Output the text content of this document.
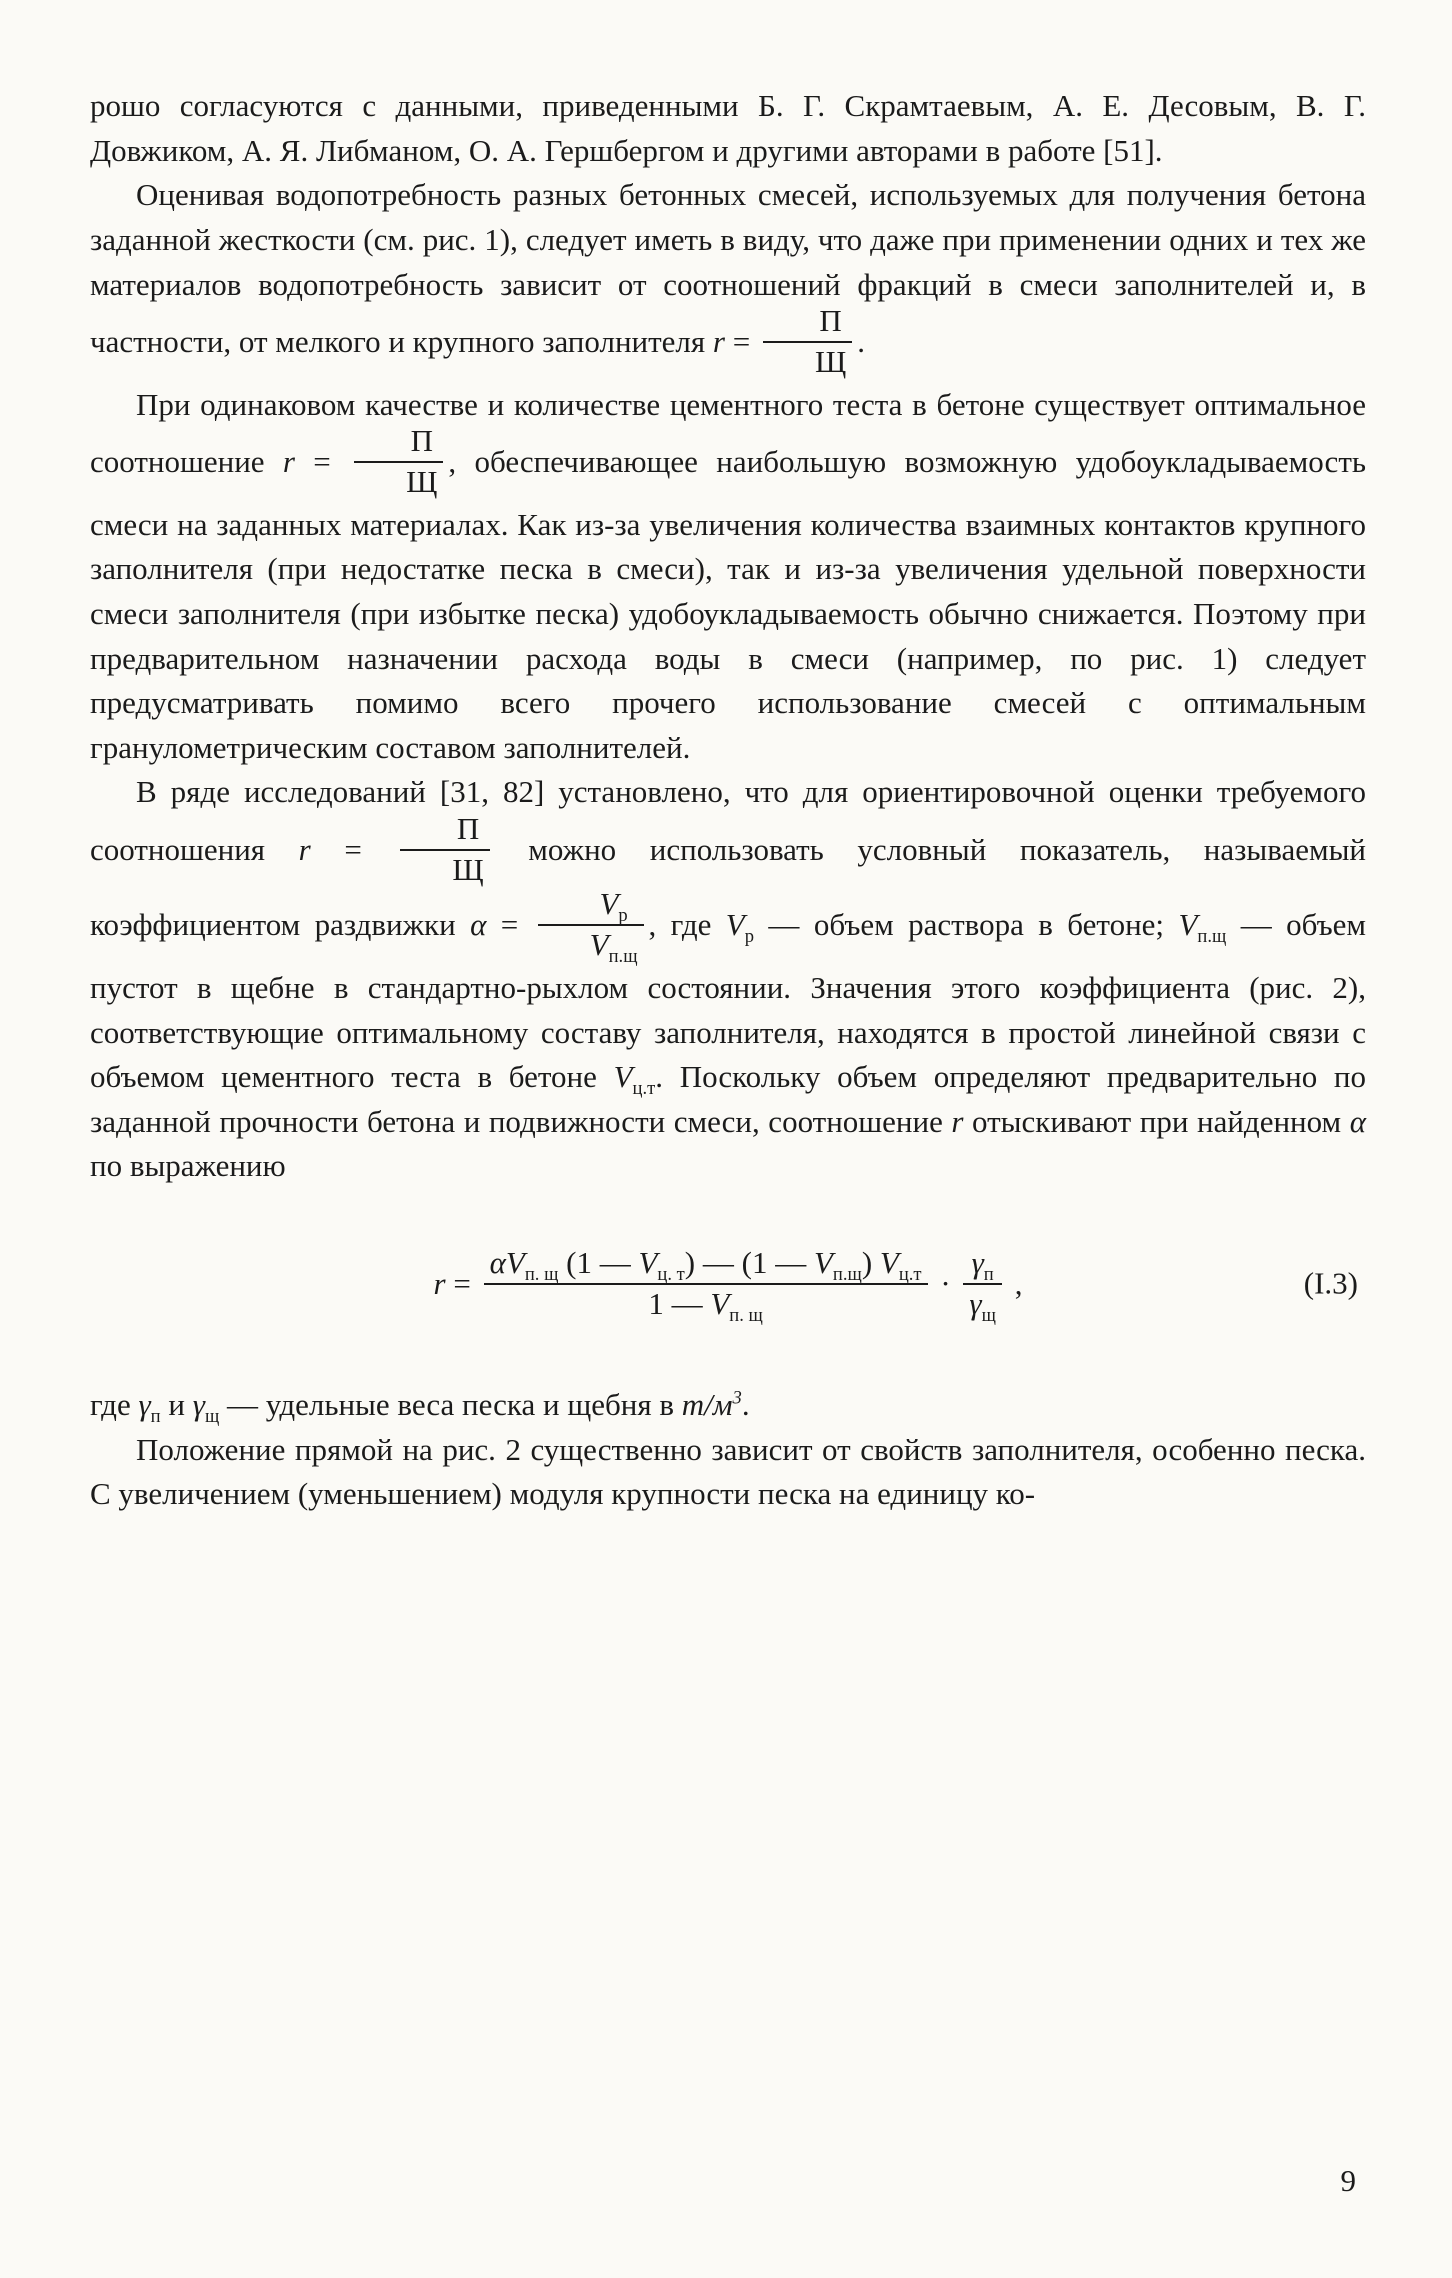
рошо согласуются с данными, приведенными Б. Г. Скрамтаевым, А. Е. Десовым, В. Г. Довжиком, А. Я. Либманом, О. А. Гершбергом и другими авторами в работе [51].

Оценивая водопотребность разных бетонных смесей, используемых для получения бетона заданной жесткости (см. рис. 1), следует иметь в виду, что даже при применении одних и тех же материалов водопотребность зависит от соотношений фракций в смеси заполнителей и, в частности, от мелкого и крупного заполнителя $r = \frac{П}{Щ}$ .

При одинаковом качестве и количестве цементного теста в бетоне существует оптимальное соотношение $r = \frac{П}{Щ}$ , обеспечивающее наибольшую возможную удобоукладываемость смеси на заданных материалах. Как из-за увеличения количества взаимных контактов крупного заполнителя (при недостатке песка в смеси), так и из-за увеличения удельной поверхности смеси заполнителя (при избытке песка) удобоукладываемость обычно снижается. Поэтому при предварительном назначении расхода воды в смеси (например, по рис. 1) следует предусматривать помимо всего прочего использование смесей с оптимальным гранулометрическим составом заполнителей.

В ряде исследований [31, 82] установлено, что для ориентировочной оценки требуемого соотношения $r = \frac{П}{Щ}$ можно использовать условный показатель, называемый коэффициентом раздвижки $\alpha = \frac{V_р}{V_{п.щ}}$ , где $V_р$ — объем раствора в бетоне; $V_{п.щ}$ — объем пустот в щебне в стандартно-рыхлом состоянии. Значения этого коэффициента (рис. 2), соответствующие оптимальному составу заполнителя, находятся в простой линейной связи с объемом цементного теста в бетоне $V_{ц.т}$. Поскольку объем определяют предварительно по заданной прочности бетона и подвижности смеси, соотношение r отыскивают при найденном α по выражению

$r = \frac{\alpha V_{п. щ} (1 — V_{ц. т}) — (1 — V_{п.щ}) V_{ц.т}}{1 — V_{п. щ}} \cdot \frac{\gamma_п}{\gamma_щ}$ ,	(I.3)

где $\gamma_п$ и $\gamma_щ$ — удельные веса песка и щебня в $т/м^3$.

Положение прямой на рис. 2 существенно зависит от свойств заполнителя, особенно песка. С увеличением (уменьшением) модуля крупности песка на единицу ко-

9
